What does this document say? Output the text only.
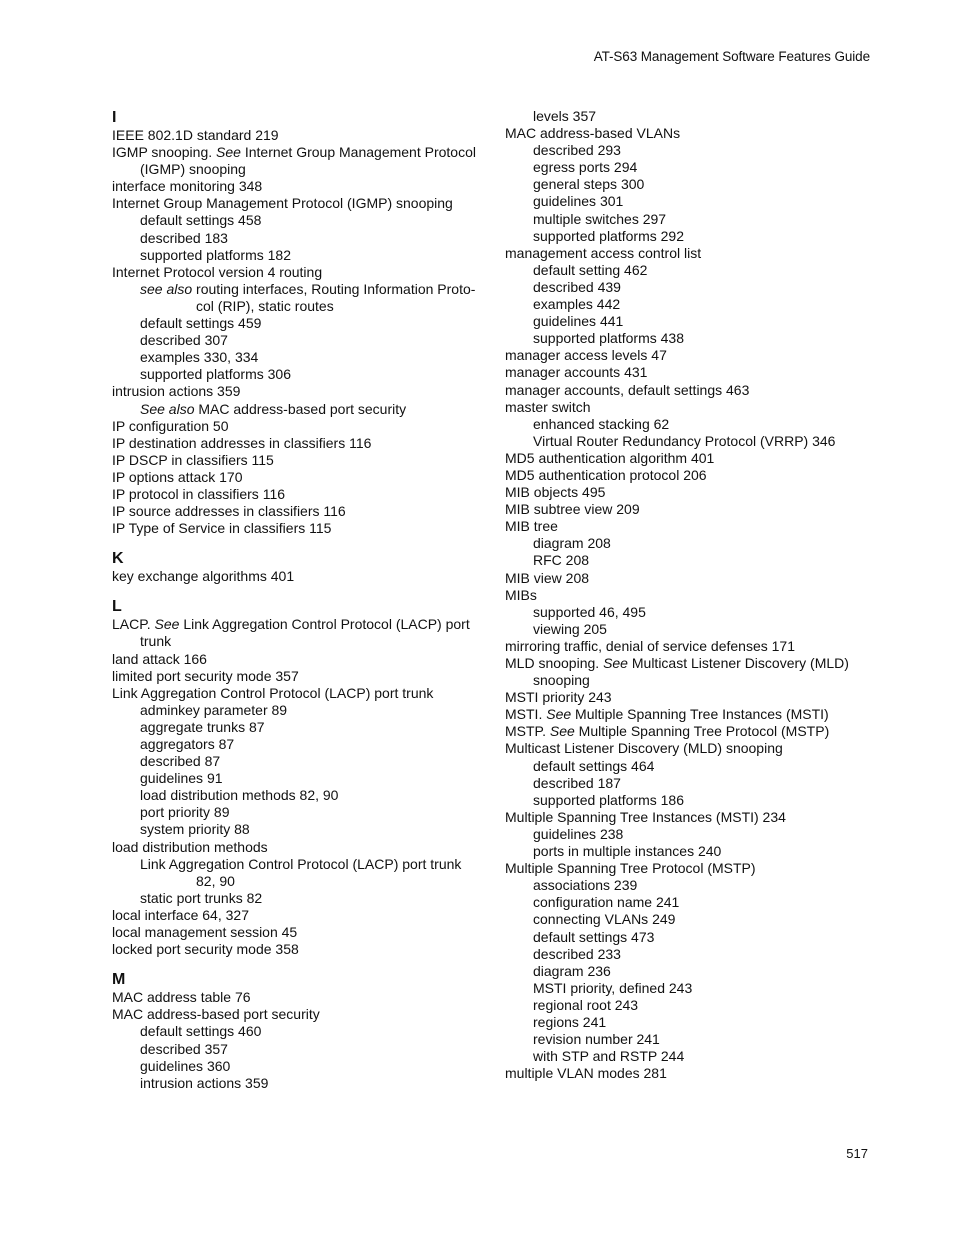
AT-S63 Management Software Features Guide
I
IEEE 802.1D standard 219
IGMP snooping. See Internet Group Management Protocol
(IGMP) snooping
interface monitoring 348
Internet Group Management Protocol (IGMP) snooping
default settings 458
described 183
supported platforms 182
Internet Protocol version 4 routing
see also routing interfaces, Routing Information Proto-
col (RIP), static routes
default settings 459
described 307
examples 330, 334
supported platforms 306
intrusion actions 359
See also MAC address-based port security
IP configuration 50
IP destination addresses in classifiers 116
IP DSCP in classifiers 115
IP options attack 170
IP protocol in classifiers 116
IP source addresses in classifiers 116
IP Type of Service in classifiers 115
K
key exchange algorithms 401
L
LACP. See Link Aggregation Control Protocol (LACP) port
trunk
land attack 166
limited port security mode 357
Link Aggregation Control Protocol (LACP) port trunk
adminkey parameter 89
aggregate trunks 87
aggregators 87
described 87
guidelines 91
load distribution methods 82, 90
port priority 89
system priority 88
load distribution methods
Link Aggregation Control Protocol (LACP) port trunk
82, 90
static port trunks 82
local interface 64, 327
local management session 45
locked port security mode 358
M
MAC address table 76
MAC address-based port security
default settings 460
described 357
guidelines 360
intrusion actions 359
levels 357
MAC address-based VLANs
described 293
egress ports 294
general steps 300
guidelines 301
multiple switches 297
supported platforms 292
management access control list
default setting 462
described 439
examples 442
guidelines 441
supported platforms 438
manager access levels 47
manager accounts 431
manager accounts, default settings 463
master switch
enhanced stacking 62
Virtual Router Redundancy Protocol (VRRP) 346
MD5 authentication algorithm 401
MD5 authentication protocol 206
MIB objects 495
MIB subtree view 209
MIB tree
diagram 208
RFC 208
MIB view 208
MIBs
supported 46, 495
viewing 205
mirroring traffic, denial of service defenses 171
MLD snooping. See Multicast Listener Discovery (MLD)
snooping
MSTI priority 243
MSTI. See Multiple Spanning Tree Instances (MSTI)
MSTP. See Multiple Spanning Tree Protocol (MSTP)
Multicast Listener Discovery (MLD) snooping
default settings 464
described 187
supported platforms 186
Multiple Spanning Tree Instances (MSTI) 234
guidelines 238
ports in multiple instances 240
Multiple Spanning Tree Protocol (MSTP)
associations 239
configuration name 241
connecting VLANs 249
default settings 473
described 233
diagram 236
MSTI priority, defined 243
regional root 243
regions 241
revision number 241
with STP and RSTP 244
multiple VLAN modes 281
517
